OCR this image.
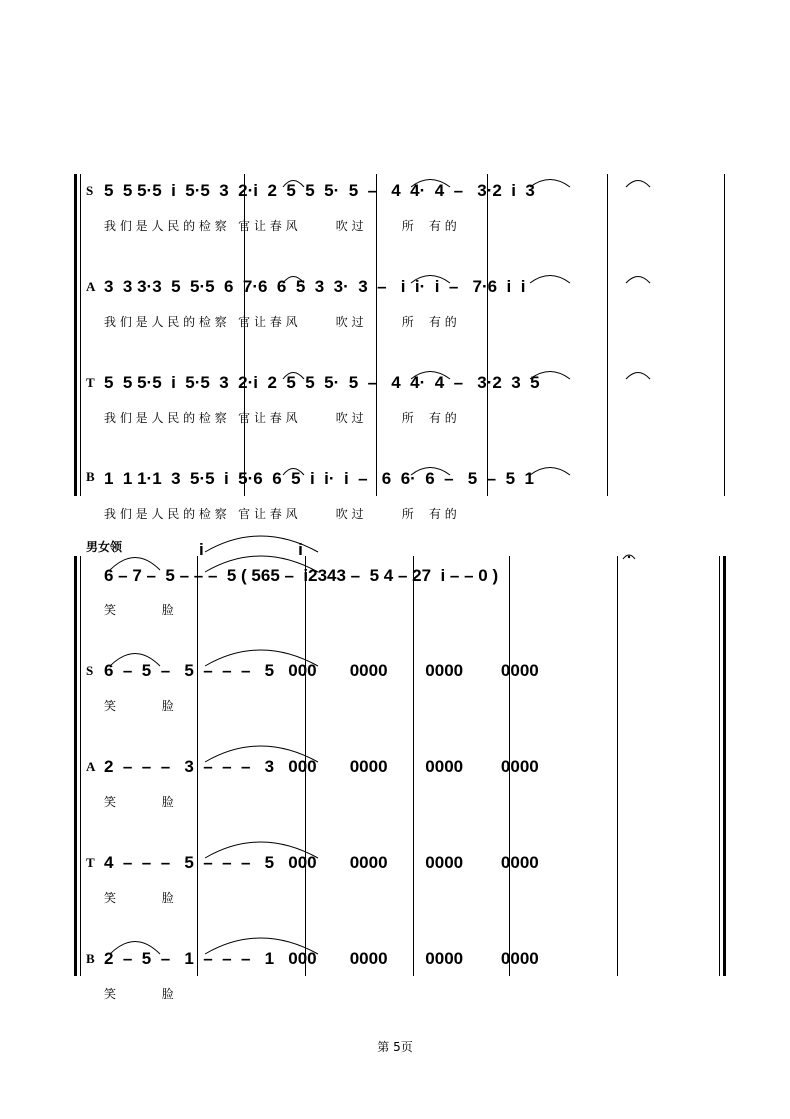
S 5  5 5·5  i  5·5  3  2·i  2  5  5  5·  5  –   4  4·  4  –   3·2  i  3
我 们 是 人 民 的 检 察   官 让 春 风          吹 过          所    有 的
A 3  3 3·3  5  5·5  6  7·6  6  5  3  3·  3  –   i  i·  i  –   7·6  i  i
我 们 是 人 民 的 检 察   官 让 春 风          吹 过          所    有 的
T 5  5 5·5  i  5·5  3  2·i  2  5  5  5·  5  –   4  4·  4  –   3·2  3  5
我 们 是 人 民 的 检 察   官 让 春 风          吹 过          所    有 的
B 1  1 1·1  3  5·5  i  5·6  6  5  i  i·  i  –   6  6·  6  –   5  –  5  1
我 们 是 人 民 的 检 察   官 让 春 风          吹 过          所    有 的
男女领	i                    i
6 – 7 –  5 – – –  5 ( 565 –  i2343 –  5 4 – 27  i – – 0 )
笑            脸
S 6  –  5  –   5  –  –  –   5   000       0000        0000        0000
笑            脸
A 2  –  –  –   3  –  –  –   3   000       0000        0000        0000
笑            脸
T 4  –  –  –   5  –  –  –   5   000       0000        0000        0000
笑            脸
B 2  –  5  –   1  –  –  –   1   000       0000        0000        0000
笑            脸
第 5页
